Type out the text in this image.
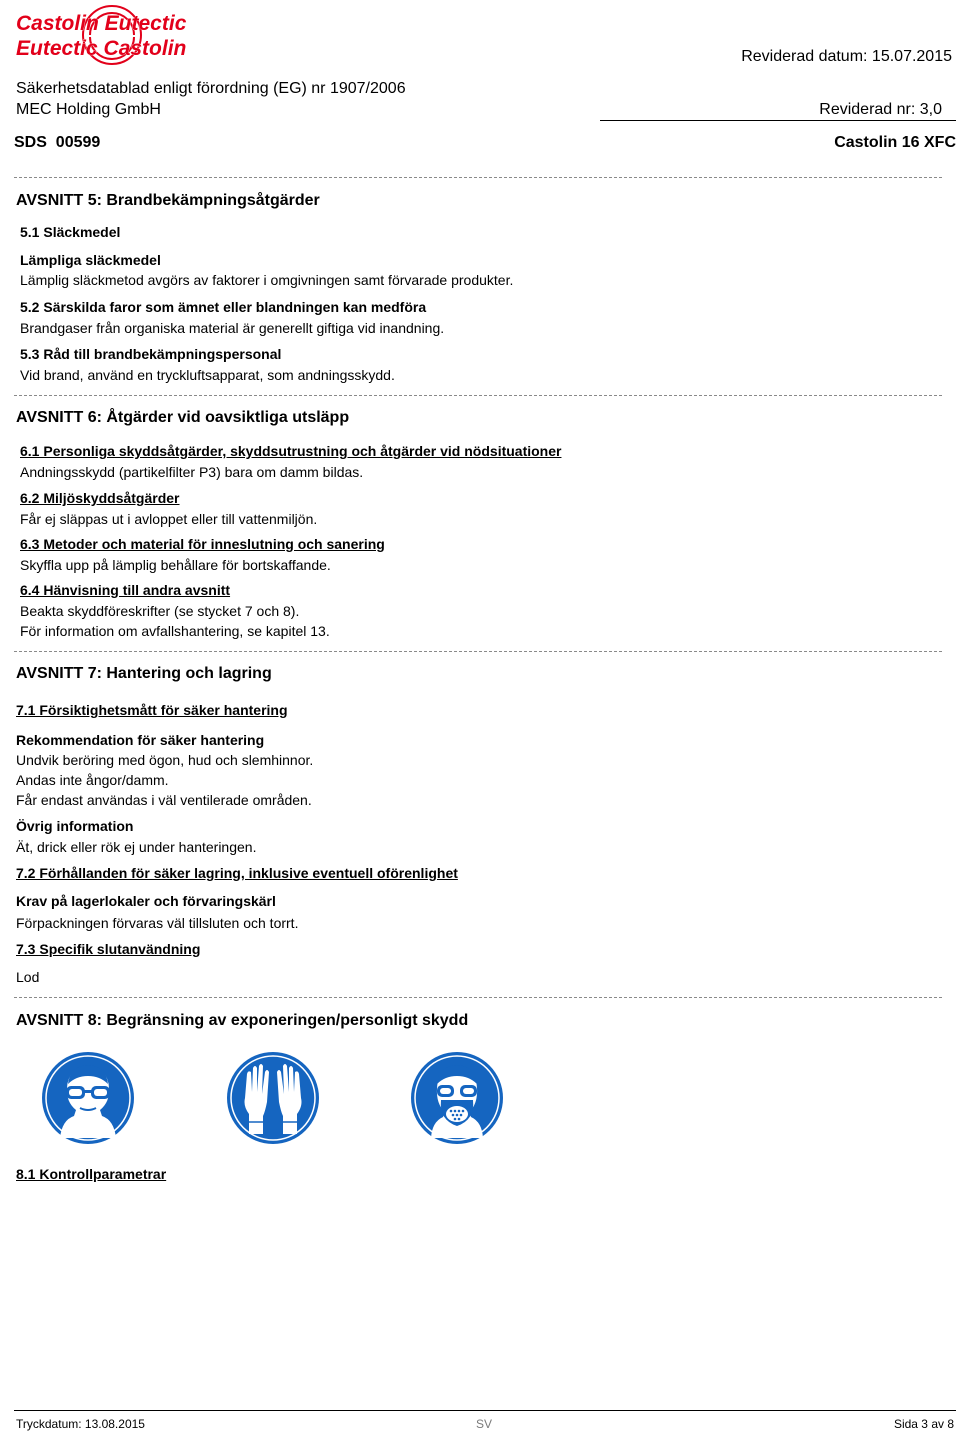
Castolin Eutectic
Eutectic Castolin	Reviderad datum: 15.07.2015
Säkerhetsdatablad enligt förordning (EG) nr 1907/2006
MEC Holding GmbH	Reviderad nr: 3,0
SDS  00599	Castolin 16 XFC
AVSNITT 5: Brandbekämpningsåtgärder
5.1 Släckmedel
Lämpliga släckmedel
Lämplig släckmetod avgörs av faktorer i omgivningen samt förvarade produkter.
5.2 Särskilda faror som ämnet eller blandningen kan medföra
Brandgaser från organiska material är generellt giftiga vid inandning.
5.3 Råd till brandbekämpningspersonal
Vid brand, använd en tryckluftsapparat, som andningsskydd.
AVSNITT 6: Åtgärder vid oavsiktliga utsläpp
6.1 Personliga skyddsåtgärder, skyddsutrustning och åtgärder vid nödsituationer
Andningsskydd (partikelfilter P3) bara om damm bildas.
6.2 Miljöskyddsåtgärder
Får ej släppas ut i avloppet eller till vattenmiljön.
6.3 Metoder och material för inneslutning och sanering
Skyffla upp på lämplig behållare för bortskaffande.
6.4 Hänvisning till andra avsnitt
Beakta skyddföreskrifter (se stycket 7 och 8).
För information om avfallshantering, se kapitel 13.
AVSNITT 7: Hantering och lagring
7.1 Försiktighetsmått för säker hantering
Rekommendation för säker hantering
Undvik beröring med ögon, hud och slemhinnor.
Andas inte ångor/damm.
Får endast användas i väl ventilerade områden.
Övrig information
Ät, drick eller rök ej under hanteringen.
7.2 Förhållanden för säker lagring, inklusive eventuell oförenlighet
Krav på lagerlokaler och förvaringskärl
Förpackningen förvaras väl tillsluten och torrt.
7.3 Specifik slutanvändning
Lod
AVSNITT 8: Begränsning av exponeringen/personligt skydd
8.1 Kontrollparametrar
Tryckdatum: 13.08.2015	SV	Sida 3 av 8
